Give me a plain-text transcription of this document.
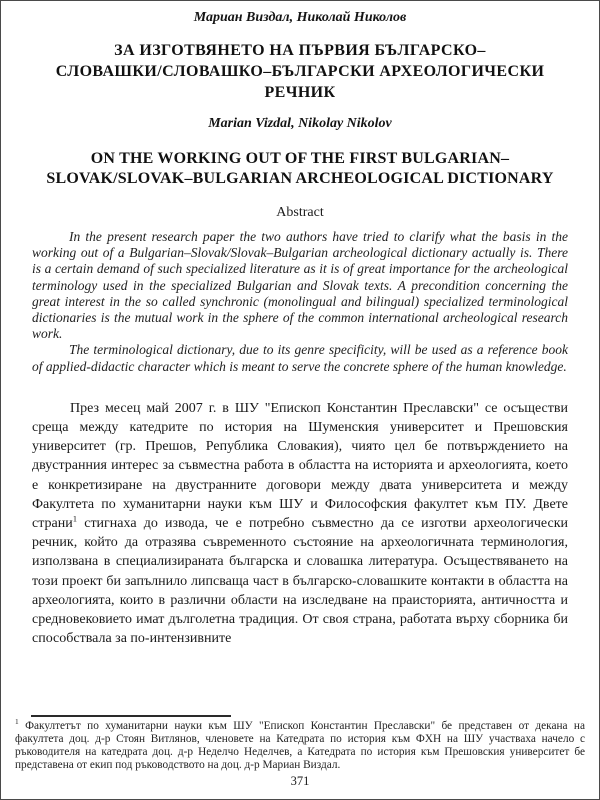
Мариан Виздал, Николай Николов

ЗА ИЗГОТВЯНЕТО НА ПЪРВИЯ БЪЛГАРСКО–
СЛОВАШКИ/СЛОВАШКО–БЪЛГАРСКИ АРХЕОЛОГИЧЕСКИ
РЕЧНИК

Marian Vizdal, Nikolay Nikolov

ON THE WORKING OUT OF THE FIRST BULGARIAN–
SLOVAK/SLOVAK–BULGARIAN ARCHEOLOGICAL DICTIONARY

Abstract

In the present research paper the two authors have tried to clarify what the basis in the working out of a Bulgarian–Slovak/Slovak–Bulgarian archeological dictionary actually is. There is a certain demand of such specialized literature as it is of great importance for the archeological terminology used in the specialized Bulgarian and Slovak texts. A precondition concerning the great interest in the so called synchronic (monolingual and bilingual) specialized terminological dictionaries is the mutual work in the sphere of the common international archeological research work.

The terminological dictionary, due to its genre specificity, will be used as a reference book of applied-didactic character which is meant to serve the concrete sphere of the human knowledge.

През месец май 2007 г. в ШУ "Епископ Константин Преславски" се осъществи среща между катедрите по история на Шуменския университет и Прешовския университет (гр. Прешов, Република Словакия), чиято цел бе потвърждението на двустранния интерес за съвместна работа в областта на историята и археологията, което е конкретизиране на двустранните договори между двата университета и между Факултета по хуманитарни науки към ШУ и Философския факултет към ПУ. Двете страни$^1$ стигнаха до извода, че е потребно съвместно да се изготви археологически речник, който да отразява съвременното състояние на археологичната терминология, използвана в специализираната българска и словашка литература. Осъществяването на този проект би запълнило липсваща част в българско-словашките контакти в областта на археологията, които в различни области на изследване на праисторията, античността и средновековието имат дълголетна традиция. От своя страна, работата върху сборника би способствала за по-интензивните

$^1$ Факултетът по хуманитарни науки към ШУ "Епископ Константин Преславски" бе представен от декана на факултета доц. д-р Стоян Витлянов, членовете на Катедрата по история към ФХН на ШУ участваха начело с ръководителя на катедрата доц. д-р Неделчо Неделчев, а Катедрата по история към Прешовския университет бе представена от екип под ръководството на доц. д-р Мариан Виздал.

371
